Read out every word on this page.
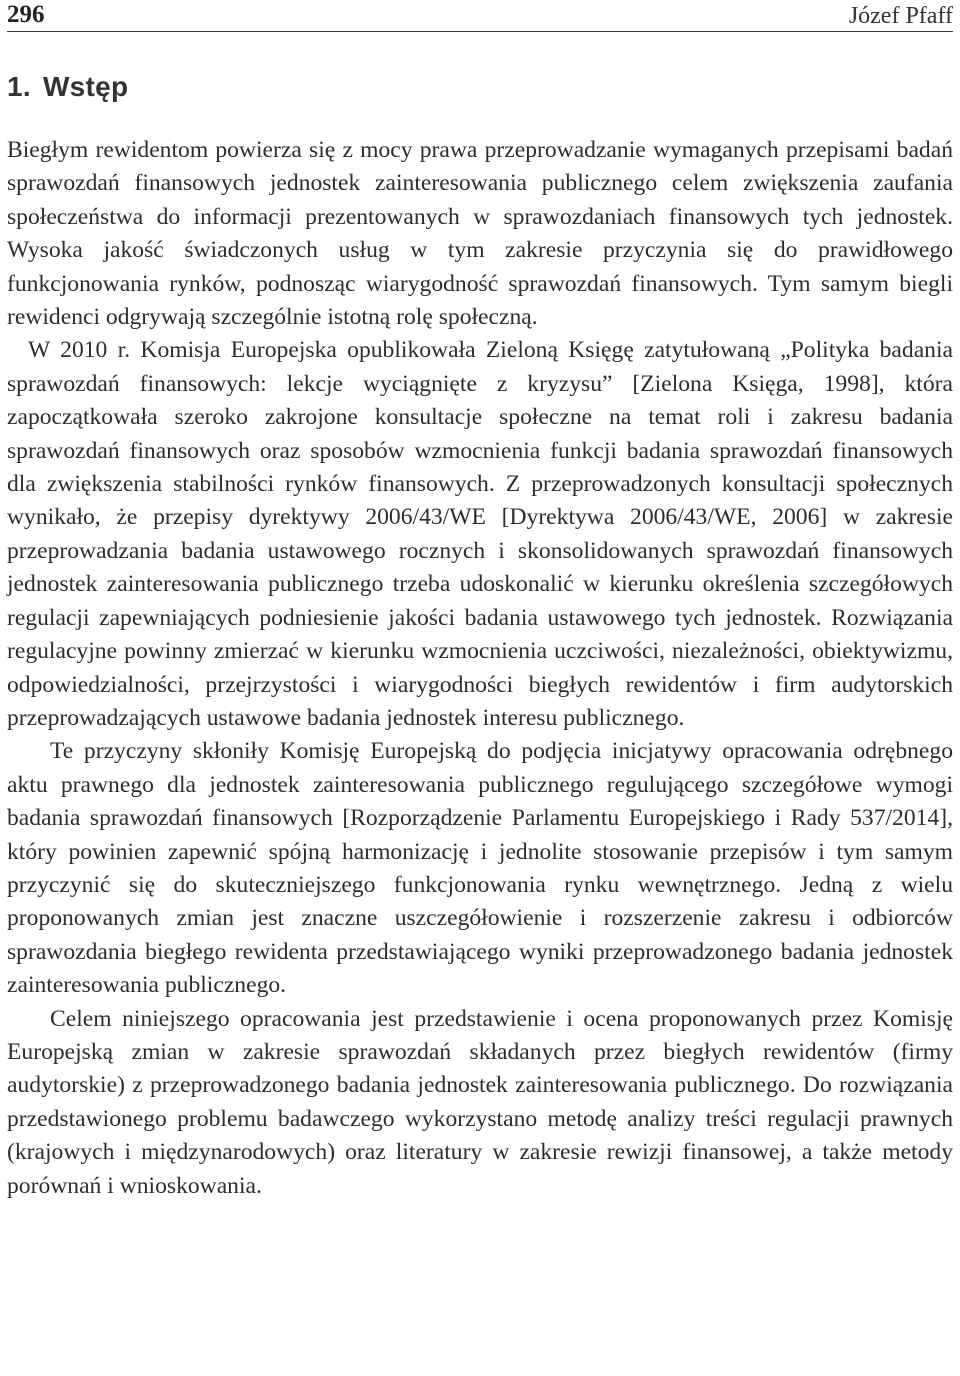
296	Józef Pfaff
1. Wstęp

Biegłym rewidentom powierza się z mocy prawa przeprowadzanie wymaganych przepisami badań sprawozdań finansowych jednostek zainteresowania publicznego celem zwiększenia zaufania społeczeństwa do informacji prezentowanych w sprawozdaniach finansowych tych jednostek. Wysoka jakość świadczonych usług w tym zakresie przyczynia się do prawidłowego funkcjonowania rynków, podnosząc wiarygodność sprawozdań finansowych. Tym samym biegli rewidenci odgrywają szczególnie istotną rolę społeczną.

W 2010 r. Komisja Europejska opublikowała Zieloną Księgę zatytułowaną „Polityka badania sprawozdań finansowych: lekcje wyciągnięte z kryzysu” [Zielona Księga, 1998], która zapoczątkowała szeroko zakrojone konsultacje społeczne na temat roli i zakresu badania sprawozdań finansowych oraz sposobów wzmocnienia funkcji badania sprawozdań finansowych dla zwiększenia stabilności rynków finansowych. Z przeprowadzonych konsultacji społecznych wynikało, że przepisy dyrektywy 2006/43/WE [Dyrektywa 2006/43/WE, 2006] w zakresie przeprowadzania badania ustawowego rocznych i skonsolidowanych sprawozdań finansowych jednostek zainteresowania publicznego trzeba udoskonalić w kierunku określenia szczegółowych regulacji zapewniających podniesienie jakości badania ustawowego tych jednostek. Rozwiązania regulacyjne powinny zmierzać w kierunku wzmocnienia uczciwości, niezależności, obiektywizmu, odpowiedzialności, przejrzystości i wiarygodności biegłych rewidentów i firm audytorskich przeprowadzających ustawowe badania jednostek interesu publicznego.

Te przyczyny skłoniły Komisję Europejską do podjęcia inicjatywy opracowania odrębnego aktu prawnego dla jednostek zainteresowania publicznego regulującego szczegółowe wymogi badania sprawozdań finansowych [Rozporządzenie Parlamentu Europejskiego i Rady 537/2014], który powinien zapewnić spójną harmonizację i jednolite stosowanie przepisów i tym samym przyczynić się do skuteczniejszego funkcjonowania rynku wewnętrznego. Jedną z wielu proponowanych zmian jest znaczne uszczegółowienie i rozszerzenie zakresu i odbiorców sprawozdania biegłego rewidenta przedstawiającego wyniki przeprowadzonego badania jednostek zainteresowania publicznego.

Celem niniejszego opracowania jest przedstawienie i ocena proponowanych przez Komisję Europejską zmian w zakresie sprawozdań składanych przez biegłych rewidentów (firmy audytorskie) z przeprowadzonego badania jednostek zainteresowania publicznego. Do rozwiązania przedstawionego problemu badawczego wykorzystano metodę analizy treści regulacji prawnych (krajowych i międzynarodowych) oraz literatury w zakresie rewizji finansowej, a także metody porównań i wnioskowania.
